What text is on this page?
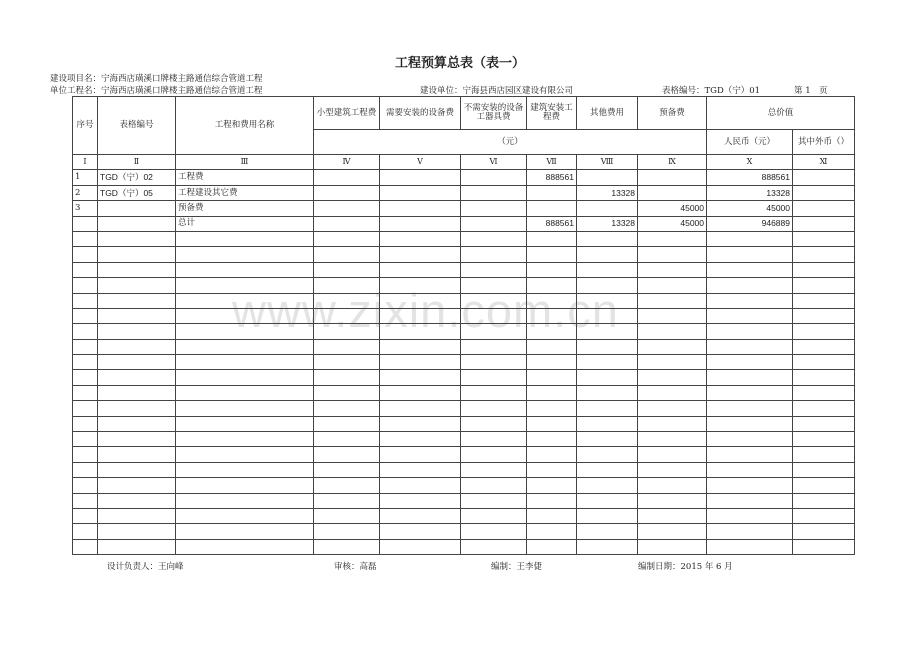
工程预算总表（表一）
建设项目名：宁海西店璜溪口牌楼主路通信综合管道工程
单位工程名：宁海西店璜溪口牌楼主路通信综合管道工程	建设单位：宁海县西店园区建设有限公司	表格编号：TGD（宁）01	第 1　页
www.zixin.com.cn
序号	表格编号	工程和费用名称	小型建筑工程费	需要安装的设备费	不需安装的设备工器具费	建筑安装工程费	其他费用	预备费	总价值	
			（元）						人民币（元）	其中外币（）
Ⅰ	Ⅱ	Ⅲ	Ⅳ	Ⅴ	Ⅵ	Ⅶ	Ⅷ	Ⅸ	Ⅹ	Ⅺ
1	TGD（宁）02	工程费				888561			888561	
2	TGD（宁）05	工程建设其它费					13328		13328	
3		预备费						45000	45000	
		总计				888561	13328	45000	946889	

设计负责人：王向峰	审核：高磊	编制：王李倢	编制日期：2015 年 6 月
